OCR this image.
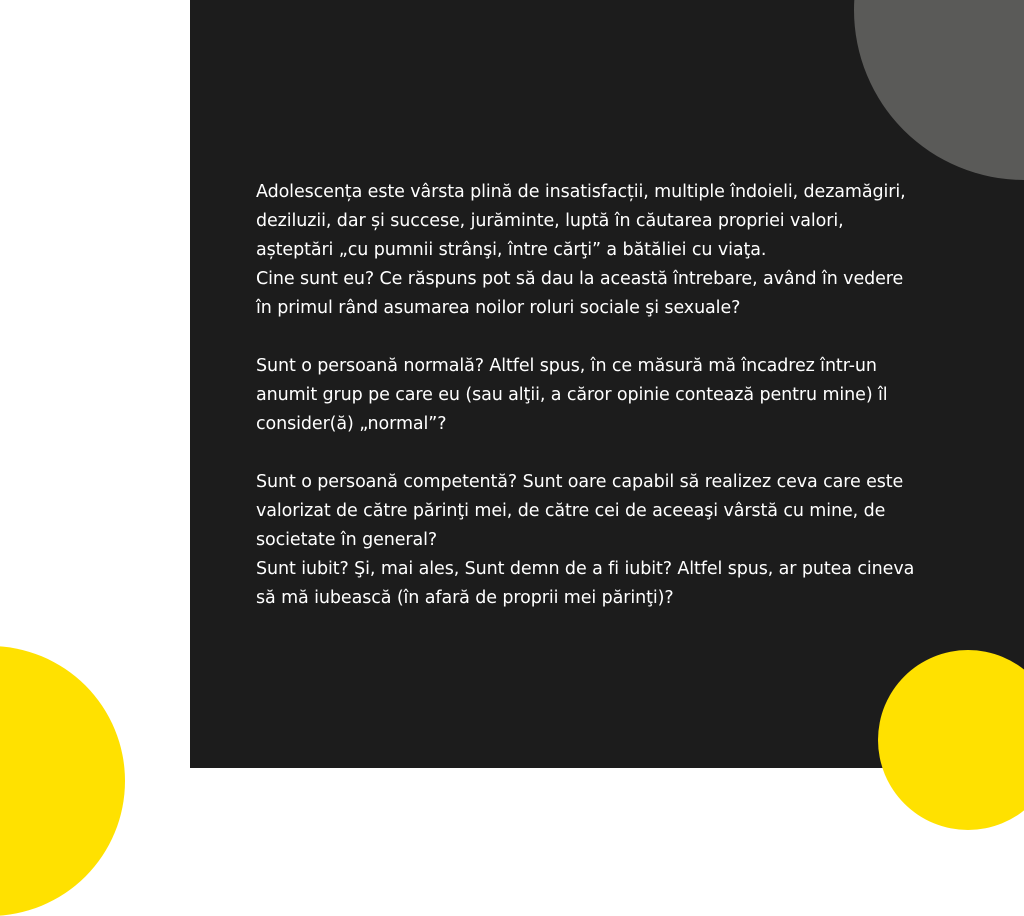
Adolescența este vârsta plină de insatisfacții, multiple îndoieli, dezamăgiri, deziluzii, dar și succese, jurăminte, luptă în căutarea propriei valori, așteptări „cu pumnii strânşi, între cărţi” a bătăliei cu viaţa.

Cine sunt eu? Ce răspuns pot să dau la această întrebare, având în vedere în primul rând asumarea noilor roluri sociale şi sexuale?

Sunt o persoană normală? Altfel spus, în ce măsură mă încadrez într-un anumit grup pe care eu (sau alţii, a căror opinie contează pentru mine) îl consider(ă) „normal”?

Sunt o persoană competentă? Sunt oare capabil să realizez ceva care este valorizat de către părinţi mei, de către cei de aceeaşi vârstă cu mine, de societate în general?

Sunt iubit? Şi, mai ales, Sunt demn de a fi iubit? Altfel spus, ar putea cineva să mă iubească (în afară de proprii mei părinţi)?
